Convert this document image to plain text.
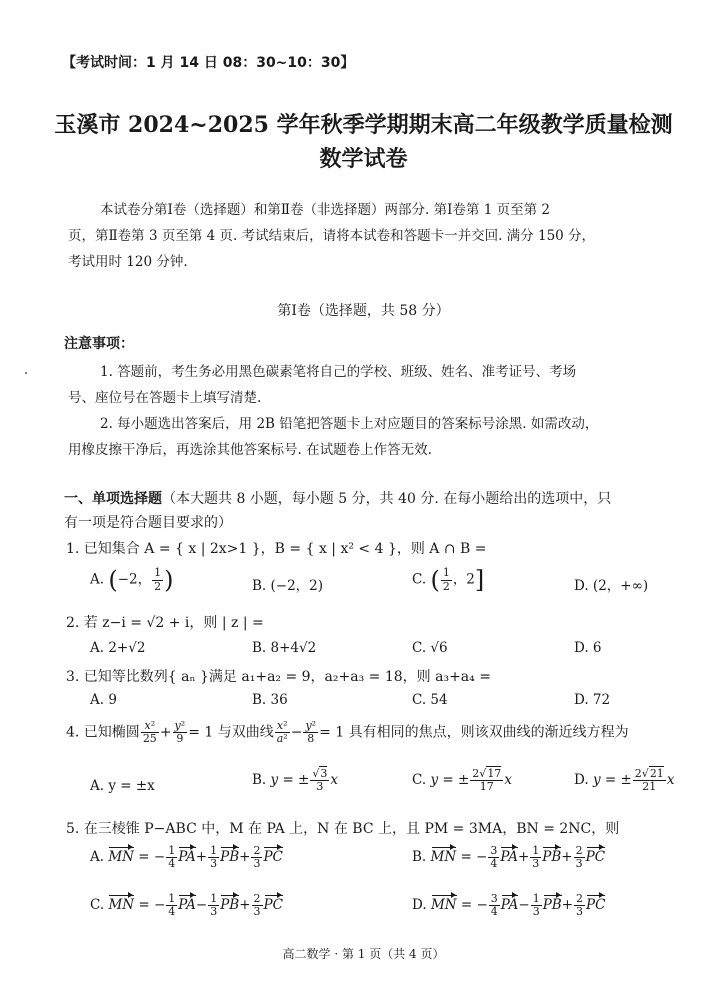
【考试时间：1 月 14 日 08：30~10：30】
玉溪市 2024~2025 学年秋季学期期末高二年级教学质量检测
数学试卷
本试卷分第Ⅰ卷（选择题）和第Ⅱ卷（非选择题）两部分. 第Ⅰ卷第 1 页至第 2
页，第Ⅱ卷第 3 页至第 4 页. 考试结束后，请将本试卷和答题卡一并交回. 满分 150 分，
考试用时 120 分钟.
第Ⅰ卷（选择题，共 58 分）
注意事项：
1. 答题前，考生务必用黑色碳素笔将自己的学校、班级、姓名、准考证号、考场
号、座位号在答题卡上填写清楚.
2. 每小题选出答案后，用 2B 铅笔把答题卡上对应题目的答案标号涂黑. 如需改动，
用橡皮擦干净后，再选涂其他答案标号. 在试题卷上作答无效.
一、单项选择题（本大题共 8 小题，每小题 5 分，共 40 分. 在每小题给出的选项中，只
有一项是符合题目要求的）
1. 已知集合 A = { x | 2x>1 }，B = { x | x² < 4 }，则 A ∩ B =
A. (−2， $\frac{1}{2}$ )	B. (−2，2)	C. ( $\frac{1}{2}$ ，2]	D. (2，+∞)
2. 若 z−i = √2 + i，则 | z | =
A. 2+√2	B. 8+4√2	C. √6	D. 6
3. 已知等比数列{ aₙ }满足 a₁+a₂ = 9，a₂+a₃ = 18，则 a₃+a₄ =
A. 9	B. 36	C. 54	D. 72
4. 已知椭圆 $\frac{\text{x²}}{25} + \frac{\text{y²}}{9} = 1$ 与双曲线 $\frac{\text{x²}}{\text{a²}} - \frac{\text{y²}}{8} = 1$ 具有相同的焦点，则该双曲线的渐近线方程为
A. y = ±x	B. y = ± $\frac{√3}{3}$ x	C. y = ± $\frac{2√17}{17}$ x	D. y = ± $\frac{2√21}{21}$ x
5. 在三棱锥 P−ABC 中，M 在 PA 上，N 在 BC 上，且 PM = 3MA，BN = 2NC，则
A. MN = − $\frac{1}{4} PA+ \frac{1}{3} PB+ \frac{2}{3}$ PC	B. MN = − $\frac{3}{4} PA+ \frac{1}{3} PB+ \frac{2}{3}$ PC
C. MN = − $\frac{1}{4} PA- \frac{1}{3} PB+ \frac{2}{3}$ PC	D. MN = − $\frac{3}{4} PA- \frac{1}{3} PB+ \frac{2}{3}$ PC
高二数学 · 第 1 页（共 4 页）
